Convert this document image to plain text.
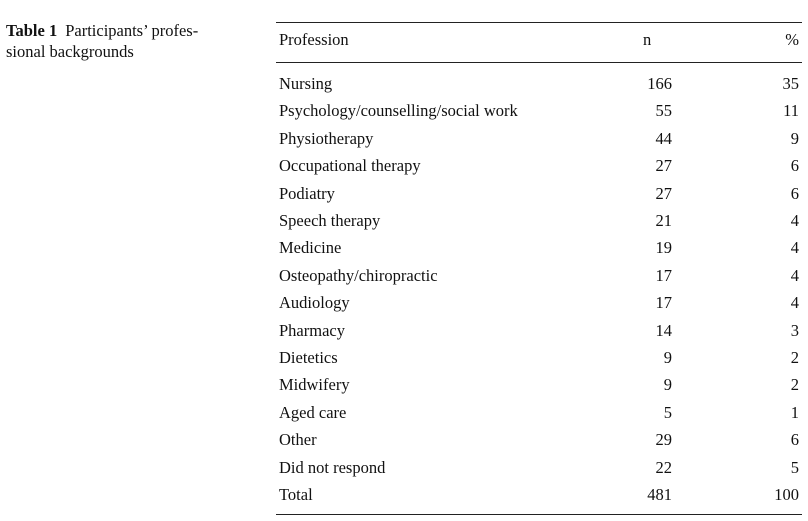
Table 1 Participants’ profes-
sional backgrounds
Profession	n	%
Nursing	166	35
Psychology/counselling/social work	55	11
Physiotherapy	44	9
Occupational therapy	27	6
Podiatry	27	6
Speech therapy	21	4
Medicine	19	4
Osteopathy/chiropractic	17	4
Audiology	17	4
Pharmacy	14	3
Dietetics	9	2
Midwifery	9	2
Aged care	5	1
Other	29	6
Did not respond	22	5
Total	481	100
